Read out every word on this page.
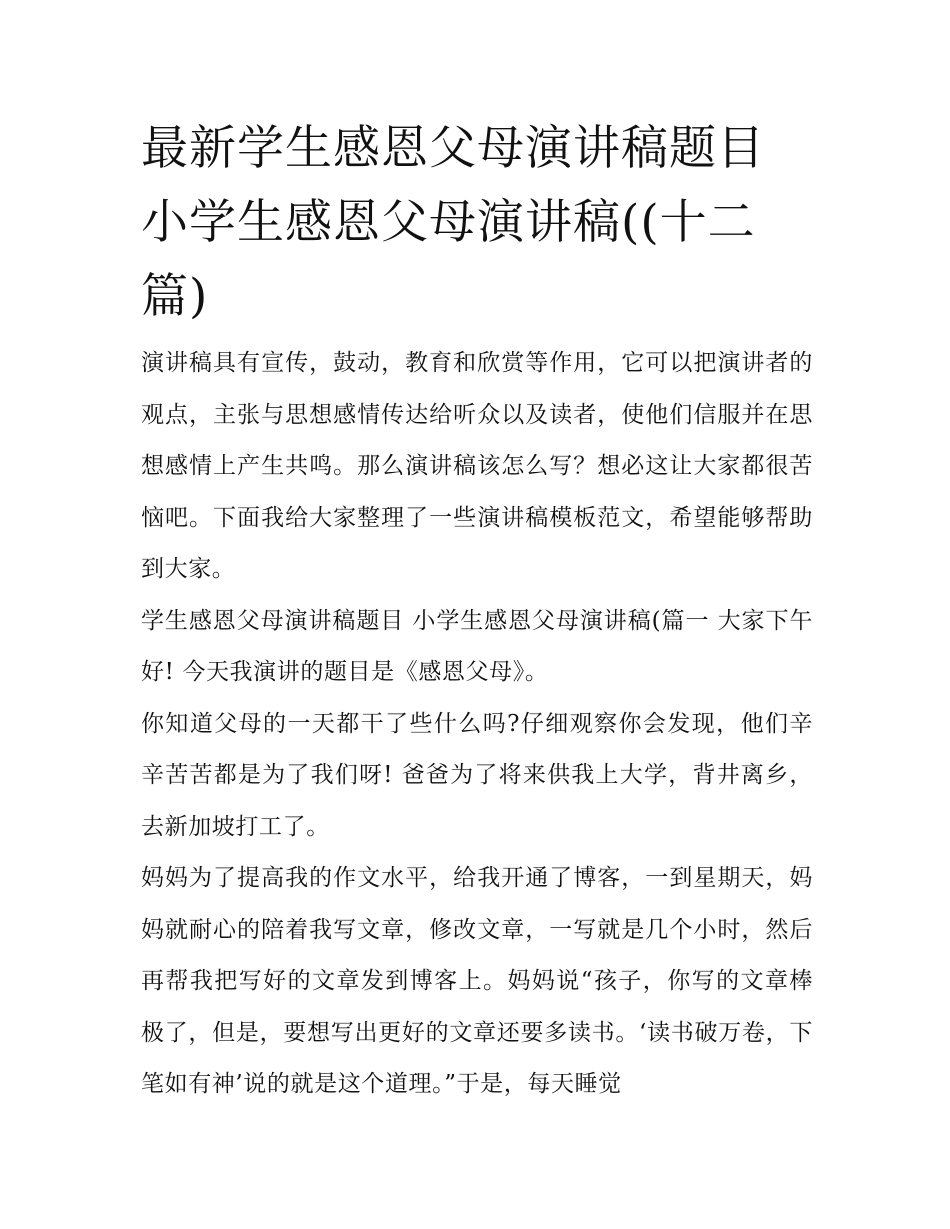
最新学生感恩父母演讲稿题目 小学生感恩父母演讲稿((十二篇)

演讲稿具有宣传，鼓动，教育和欣赏等作用，它可以把演讲者的观点，主张与思想感情传达给听众以及读者，使他们信服并在思想感情上产生共鸣。那么演讲稿该怎么写？想必这让大家都很苦恼吧。下面我给大家整理了一些演讲稿模板范文，希望能够帮助到大家。

学生感恩父母演讲稿题目 小学生感恩父母演讲稿(篇一 大家下午好! 今天我演讲的题目是《感恩父母》。

你知道父母的一天都干了些什么吗?仔细观察你会发现，他们辛辛苦苦都是为了我们呀! 爸爸为了将来供我上大学，背井离乡，去新加坡打工了。

妈妈为了提高我的作文水平，给我开通了博客，一到星期天，妈妈就耐心的陪着我写文章，修改文章，一写就是几个小时，然后再帮我把写好的文章发到博客上。妈妈说“孩子，你写的文章棒极了，但是，要想写出更好的文章还要多读书。‘读书破万卷，下笔如有神’说的就是这个道理。”于是，每天睡觉
